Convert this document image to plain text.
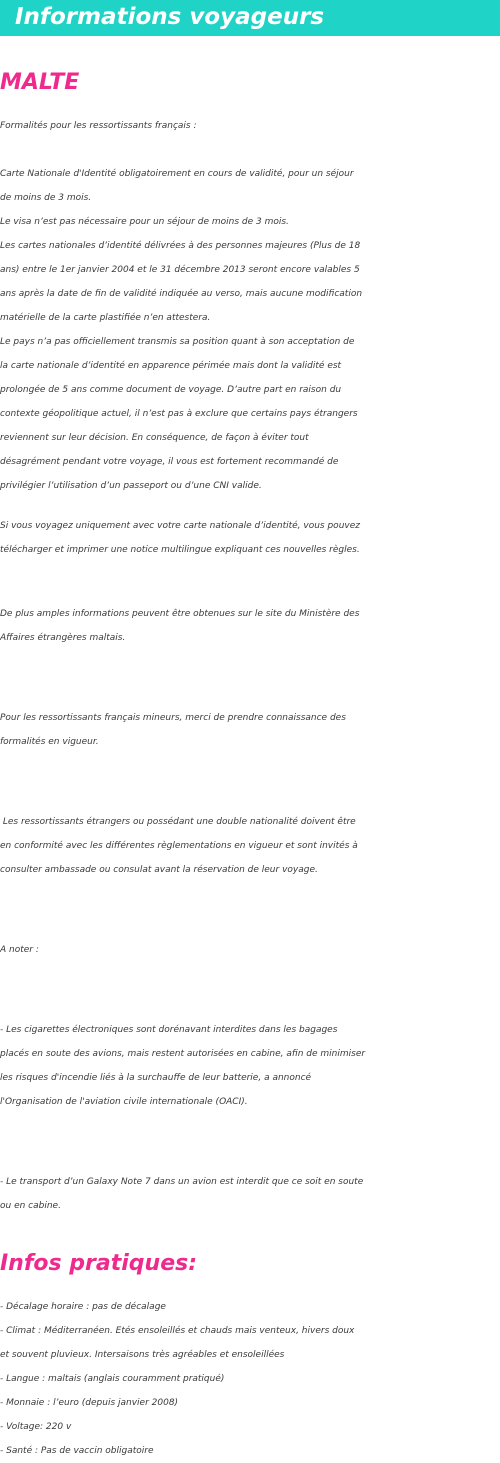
Informations voyageurs
MALTE

Formalités pour les ressortissants français :

Carte Nationale d'Identité obligatoirement en cours de validité, pour un séjour
de moins de 3 mois.
Le visa n’est pas nécessaire pour un séjour de moins de 3 mois.
Les cartes nationales d’identité délivrées à des personnes majeures (Plus de 18
ans) entre le 1er janvier 2004 et le 31 décembre 2013 seront encore valables 5
ans après la date de fin de validité indiquée au verso, mais aucune modification
matérielle de la carte plastifiée n’en attestera.
Le pays n’a pas officiellement transmis sa position quant à son acceptation de
la carte nationale d’identité en apparence périmée mais dont la validité est
prolongée de 5 ans comme document de voyage. D’autre part en raison du
contexte géopolitique actuel, il n’est pas à exclure que certains pays étrangers
reviennent sur leur décision. En conséquence, de façon à éviter tout
désagrément pendant votre voyage, il vous est fortement recommandé de
privilégier l’utilisation d’un passeport ou d’une CNI valide.

Si vous voyagez uniquement avec votre carte nationale d’identité, vous pouvez
télécharger et imprimer une notice multilingue expliquant ces nouvelles règles.

De plus amples informations peuvent être obtenues sur le site du Ministère des
Affaires étrangères maltais.

Pour les ressortissants français mineurs, merci de prendre connaissance des
formalités en vigueur.

Les ressortissants étrangers ou possédant une double nationalité doivent être
en conformité avec les différentes règlementations en vigueur et sont invités à
consulter ambassade ou consulat avant la réservation de leur voyage.

A noter :

- Les cigarettes électroniques sont dorénavant interdites dans les bagages
placés en soute des avions, mais restent autorisées en cabine, afin de minimiser
les risques d'incendie liés à la surchauffe de leur batterie, a annoncé
l'Organisation de l'aviation civile internationale (OACI).

- Le transport d’un Galaxy Note 7 dans un avion est interdit que ce soit en soute
ou en cabine.

Infos pratiques:

- Décalage horaire : pas de décalage
- Climat : Méditerranéen. Etés ensoleillés et chauds mais venteux, hivers doux
et souvent pluvieux. Intersaisons très agréables et ensoleillées
- Langue : maltais (anglais couramment pratiqué)
- Monnaie : l’euro (depuis janvier 2008)
- Voltage: 220 v
- Santé : Pas de vaccin obligatoire
